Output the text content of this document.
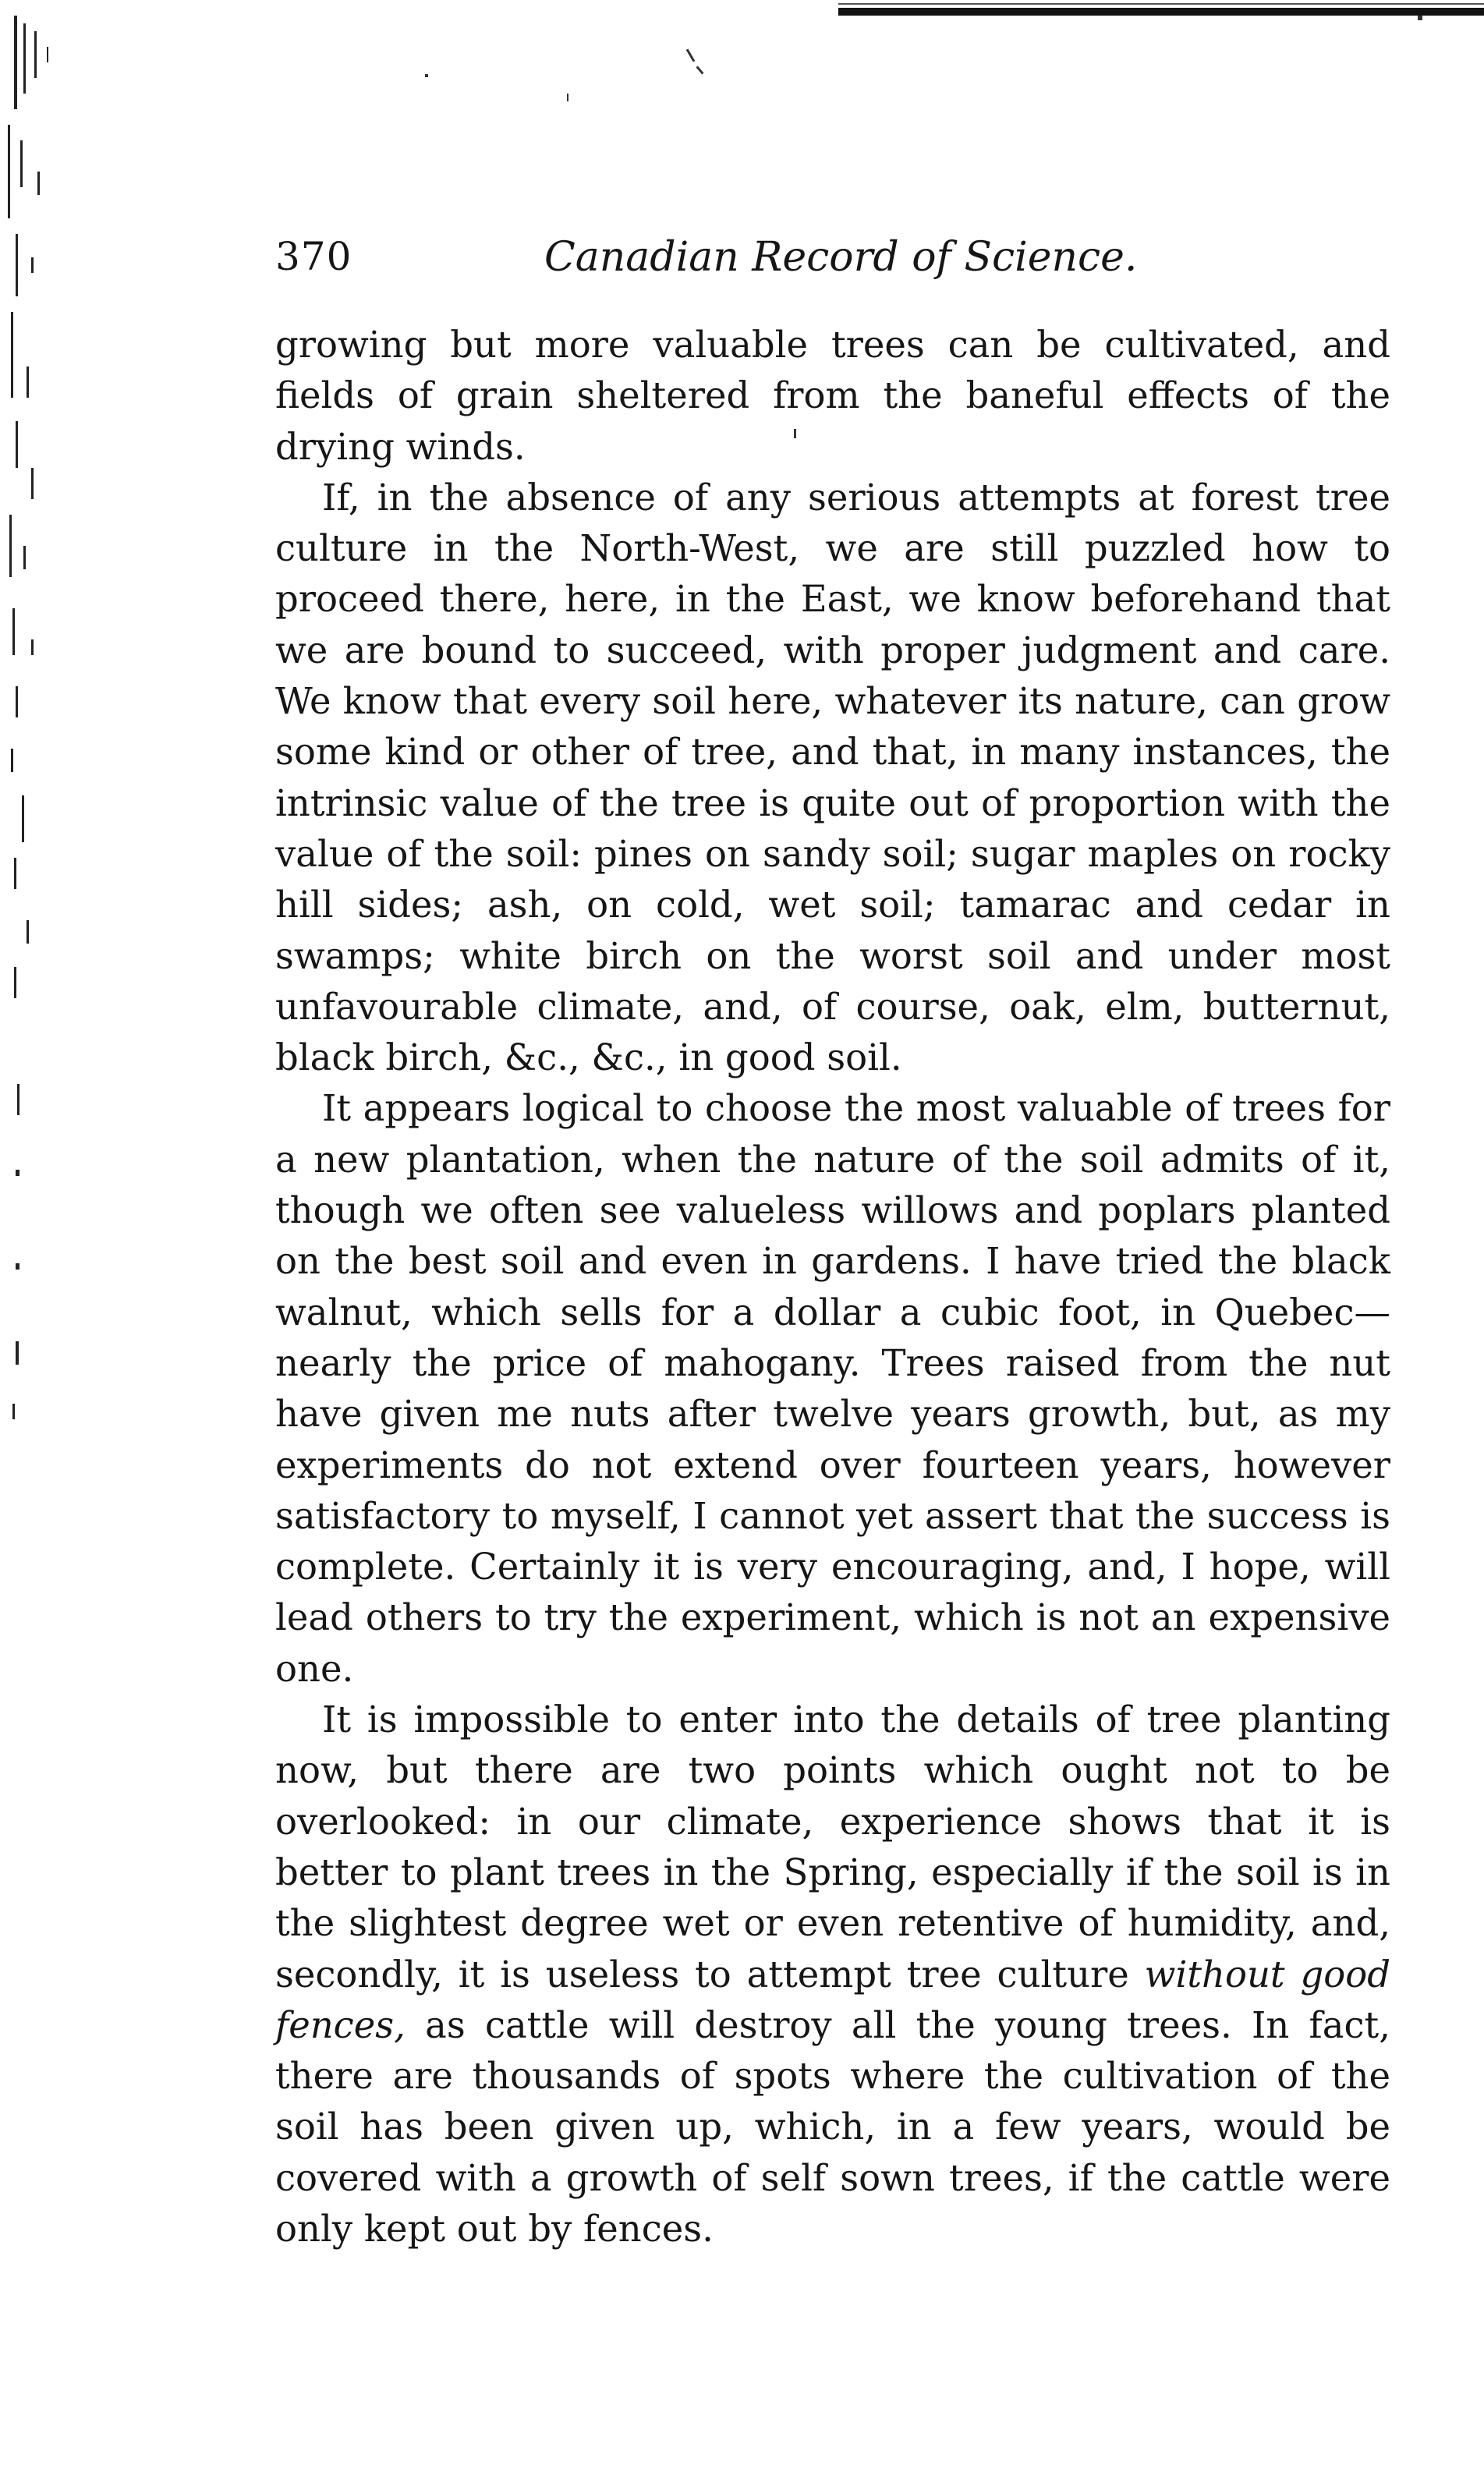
370	Canadian Record of Science.

growing but more valuable trees can be cultivated, and fields of grain sheltered from the baneful effects of the drying winds.

If, in the absence of any serious attempts at forest tree culture in the North-West, we are still puzzled how to proceed there, here, in the East, we know beforehand that we are bound to succeed, with proper judgment and care. We know that every soil here, whatever its nature, can grow some kind or other of tree, and that, in many instances, the intrinsic value of the tree is quite out of proportion with the value of the soil: pines on sandy soil; sugar maples on rocky hill sides; ash, on cold, wet soil; tamarac and cedar in swamps; white birch on the worst soil and under most unfavourable climate, and, of course, oak, elm, butternut, black birch, &c., &c., in good soil.

It appears logical to choose the most valuable of trees for a new plantation, when the nature of the soil admits of it, though we often see valueless willows and poplars planted on the best soil and even in gardens. I have tried the black walnut, which sells for a dollar a cubic foot, in Quebec—nearly the price of mahogany. Trees raised from the nut have given me nuts after twelve years growth, but, as my experiments do not extend over fourteen years, however satisfactory to myself, I cannot yet assert that the success is complete. Certainly it is very encouraging, and, I hope, will lead others to try the experiment, which is not an expensive one.

It is impossible to enter into the details of tree planting now, but there are two points which ought not to be overlooked: in our climate, experience shows that it is better to plant trees in the Spring, especially if the soil is in the slightest degree wet or even retentive of humidity, and, secondly, it is useless to attempt tree culture without good fences, as cattle will destroy all the young trees. In fact, there are thousands of spots where the cultivation of the soil has been given up, which, in a few years, would be covered with a growth of self sown trees, if the cattle were only kept out by fences.
